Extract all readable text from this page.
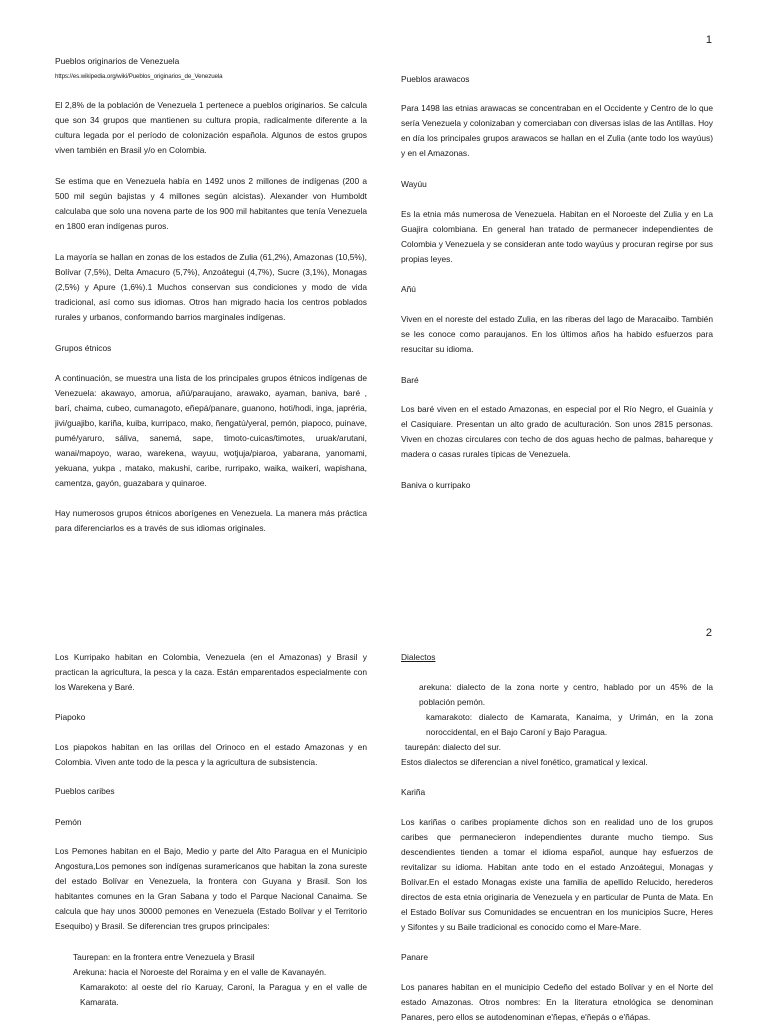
1
Pueblos originarios de Venezuela
https://es.wikipedia.org/wiki/Pueblos_originarios_de_Venezuela

El 2,8% de la población de Venezuela 1 pertenece a pueblos originarios. Se calcula que son 34 grupos que mantienen su cultura propia, radicalmente diferente a la cultura legada por el período de colonización española. Algunos de estos grupos viven también en Brasil y/o en Colombia.

Se estima que en Venezuela había en 1492 unos 2 millones de indígenas (200 a 500 mil según bajistas y 4 millones según alcistas). Alexander von Humboldt calculaba que solo una novena parte de los 900 mil habitantes que tenía Venezuela en 1800 eran indígenas puros.

La mayoría se hallan en zonas de los estados de Zulia (61,2%), Amazonas (10,5%), Bolívar (7,5%), Delta Amacuro (5,7%), Anzoátegui (4,7%), Sucre (3,1%), Monagas (2,5%) y Apure (1,6%).1 Muchos conservan sus condiciones y modo de vida tradicional, así como sus idiomas. Otros han migrado hacia los centros poblados rurales y urbanos, conformando barrios marginales indígenas.

Grupos étnicos

A continuación, se muestra una lista de los principales grupos étnicos indígenas de Venezuela: akawayo, amorua, añú/paraujano, arawako, ayaman, baniva, baré , barí, chaima, cubeo, cumanagoto, eñepá/panare, guanono, hoti/hodi, inga, japréria, jivi/guajibo, kariña, kuiba, kurripaco, mako, ñengatú/yeral, pemón, piapoco, puinave, pumé/yaruro, sáliva, sanemá, sape, timoto-cuicas/timotes, uruak/arutani, wanai/mapoyo, warao, warekena, wayuu, wotjuja/piaroa, yabarana, yanomami, yekuana, yukpa , matako, makushi, caribe, rurripako, waika, waikerí, wapishana, camentza, gayón, guazabara y quinaroe.

Hay numerosos grupos étnicos aborígenes en Venezuela. La manera más práctica para diferenciarlos es a través de sus idiomas originales.

Pueblos arawacos

Para 1498 las etnias arawacas se concentraban en el Occidente y Centro de lo que sería Venezuela y colonizaban y comerciaban con diversas islas de las Antillas. Hoy en día los principales grupos arawacos se hallan en el Zulia (ante todo los wayúus) y en el Amazonas.

Wayúu

Es la etnia más numerosa de Venezuela. Habitan en el Noroeste del Zulia y en La Guajira colombiana. En general han tratado de permanecer independientes de Colombia y Venezuela y se consideran ante todo wayúus y procuran regirse por sus propias leyes.

Añú

Viven en el noreste del estado Zulia, en las riberas del lago de Maracaibo. También se les conoce como paraujanos. En los últimos años ha habido esfuerzos para resucitar su idioma.

Baré

Los baré viven en el estado Amazonas, en especial por el Río Negro, el Guainía y el Casiquiare. Presentan un alto grado de aculturación. Son unos 2815 personas. Viven en chozas circulares con techo de dos aguas hecho de palmas, bahareque y madera o casas rurales típicas de Venezuela.

Baniva o kurripako
2

Los Kurripako habitan en Colombia, Venezuela (en el Amazonas) y Brasil y practican la agricultura, la pesca y la caza. Están emparentados especialmente con los Warekena y Baré.

Piapoko

Los piapokos habitan en las orillas del Orinoco en el estado Amazonas y en Colombia. Viven ante todo de la pesca y la agricultura de subsistencia.

Pueblos caribes
Pemón

Los Pemones habitan en el Bajo, Medio y parte del Alto Paragua en el Municipio Angostura,Los pemones son indígenas suramericanos que habitan la zona sureste del estado Bolívar en Venezuela, la frontera con Guyana y Brasil. Son los habitantes comunes en la Gran Sabana y todo el Parque Nacional Canaima. Se calcula que hay unos 30000 pemones en Venezuela (Estado Bolívar y el Territorio Esequibo) y Brasil. Se diferencian tres grupos principales:

Taurepan: en la frontera entre Venezuela y Brasil

Arekuna: hacia el Noroeste del Roraima y en el valle de Kavanayén.

Kamarakoto: al oeste del río Karuay, Caroní, la Paragua y en el valle de Kamarata.

Dialectos

arekuna: dialecto de la zona norte y centro, hablado por un 45% de la población pemón.

kamarakoto: dialecto de Kamarata, Kanaima, y Urimán, en la zona noroccidental, en el Bajo Caroní y Bajo Paragua.

taurepán: dialecto del sur.

Estos dialectos se diferencian a nivel fonético, gramatical y lexical.

Kariña

Los kariñas o caribes propiamente dichos son en realidad uno de los grupos caribes que permanecieron independientes durante mucho tiempo. Sus descendientes tienden a tomar el idioma español, aunque hay esfuerzos de revitalizar su idioma. Habitan ante todo en el estado Anzoátegui, Monagas y Bolívar.En el estado Monagas existe una familia de apellido Relucido, herederos directos de esta etnia originaria de Venezuela y en particular de Punta de Mata. En el Estado Bolívar sus Comunidades se encuentran en los municipios Sucre, Heres y Sifontes y su Baile tradicional es conocido como el Mare-Mare.

Panare

Los panares habitan en el municipio Cedeño del estado Bolívar y en el Norte del estado Amazonas. Otros nombres: En la literatura etnológica se denominan Panares, pero ellos se autodenominan e'ñepas, e'ñepás o e'ñápas.
